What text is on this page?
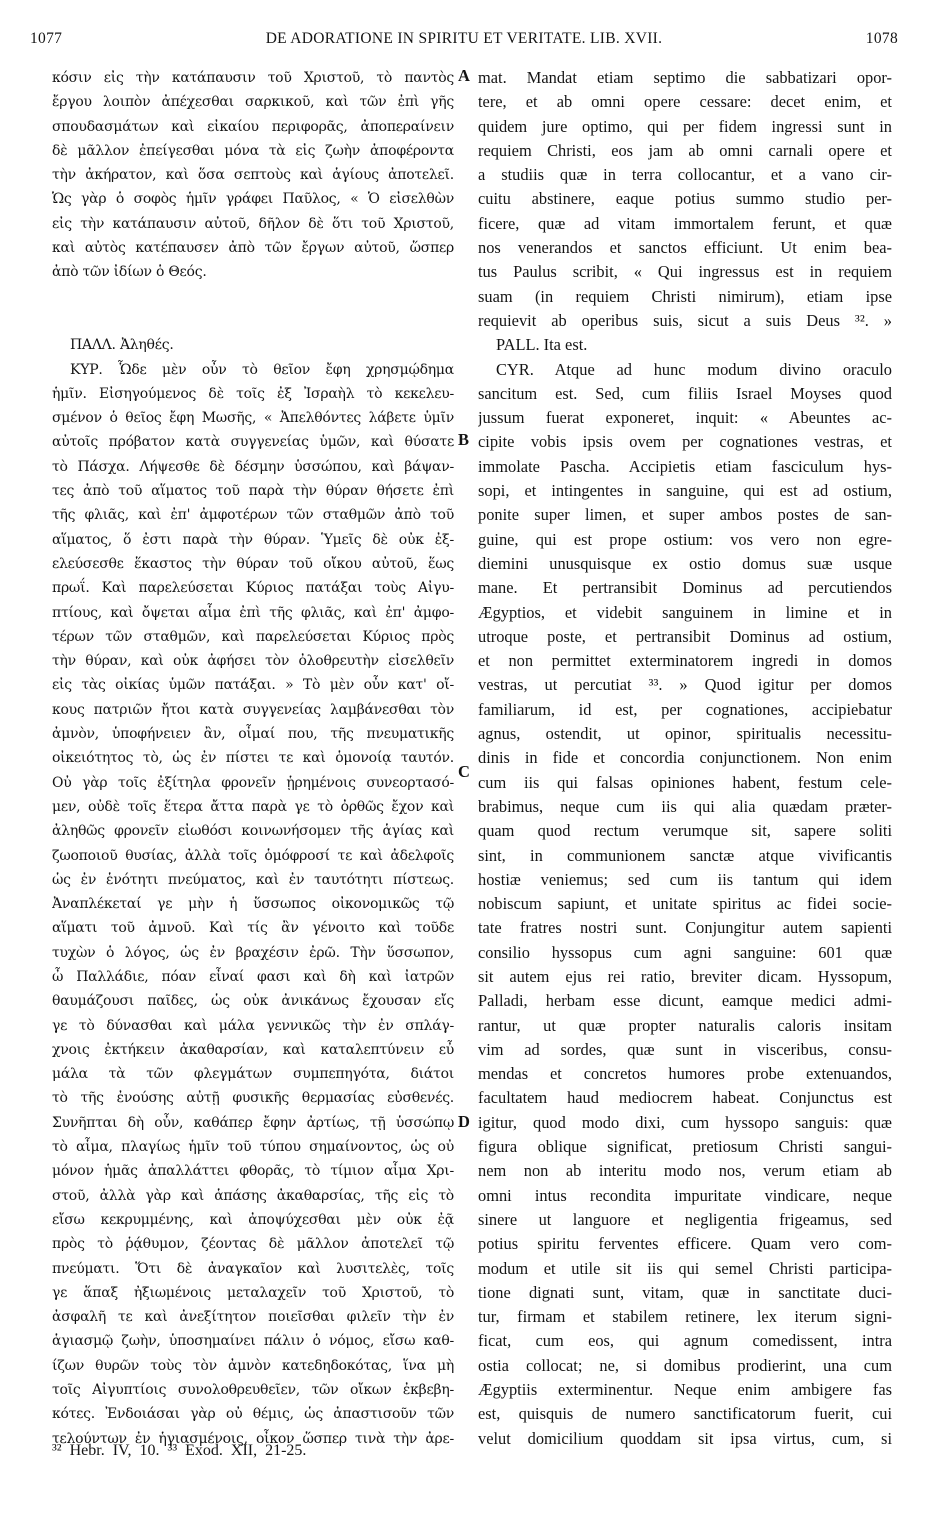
1077	DE ADORATIONE IN SPIRITU ET VERITATE. LIB. XVII.	1078
κόσιν εἰς τὴν κατάπαυσιν τοῦ Χριστοῦ, τὸ παντὸς
ἔργου λοιπὸν ἀπέχεσθαι σαρκικοῦ, καὶ τῶν ἐπὶ γῆς
σπουδασμάτων καὶ εἰκαίου περιφορᾶς, ἀποπεραίνειν
δὲ μᾶλλον ἐπείγεσθαι μόνα τὰ εἰς ζωὴν ἀποφέροντα
τὴν ἀκήρατον, καὶ ὅσα σεπτοὺς καὶ ἁγίους ἀποτελεῖ.
Ὡς γὰρ ὁ σοφὸς ἡμῖν γράφει Παῦλος, « Ὁ εἰσελθὼν
εἰς τὴν κατάπαυσιν αὐτοῦ, δῆλον δὲ ὅτι τοῦ Χριστοῦ,
καὶ αὐτὸς κατέπαυσεν ἀπὸ τῶν ἔργων αὐτοῦ, ὥσπερ
ἀπὸ τῶν ἰδίων ὁ Θεός.
ΠΑΛΛ. Ἀληθές.
ΚΥΡ. Ὧδε μὲν οὖν τὸ θεῖον ἔφη χρησμῴδημα
ἡμῖν. Εἰσηγούμενος δὲ τοῖς ἐξ Ἰσραὴλ τὸ κεκελευ-
σμένον ὁ θεῖος ἔφη Μωσῆς, « Ἀπελθόντες λάβετε ὑμῖν
αὐτοῖς πρόβατον κατὰ συγγενείας ὑμῶν, καὶ θύσατε
τὸ Πάσχα. Λήψεσθε δὲ δέσμην ὑσσώπου, καὶ βάψαν-
τες ἀπὸ τοῦ αἵματος τοῦ παρὰ τὴν θύραν θήσετε ἐπὶ
τῆς φλιᾶς, καὶ ἐπ' ἀμφοτέρων τῶν σταθμῶν ἀπὸ τοῦ
αἵματος, ὅ ἐστι παρὰ τὴν θύραν. Ὑμεῖς δὲ οὐκ ἐξ-
ελεύσεσθε ἕκαστος τὴν θύραν τοῦ οἴκου αὐτοῦ, ἕως
πρωΐ. Καὶ παρελεύσεται Κύριος πατάξαι τοὺς Αἰγυ-
πτίους, καὶ ὄψεται αἷμα ἐπὶ τῆς φλιᾶς, καὶ ἐπ' ἀμφο-
τέρων τῶν σταθμῶν, καὶ παρελεύσεται Κύριος πρὸς
τὴν θύραν, καὶ οὐκ ἀφήσει τὸν ὀλοθρευτὴν εἰσελθεῖν
εἰς τὰς οἰκίας ὑμῶν πατάξαι. » Τὸ μὲν οὖν κατ' οἴ-
κους πατριῶν ἤτοι κατὰ συγγενείας λαμβάνεσθαι τὸν
ἀμνὸν, ὑποφήνειεν ἂν, οἶμαί που, τῆς πνευματικῆς
οἰκειότητος τὸ, ὡς ἐν πίστει τε καὶ ὁμονοίᾳ ταυτόν.
Οὐ γὰρ τοῖς ἐξίτηλα φρονεῖν ᾑρημένοις συνεορτασό-
μεν, οὐδὲ τοῖς ἕτερα ἄττα παρὰ γε τὸ ὀρθῶς ἔχον καὶ
ἀληθῶς φρονεῖν εἰωθόσι κοινωνήσομεν τῆς ἁγίας καὶ
ζωοποιοῦ θυσίας, ἀλλὰ τοῖς ὁμόφροσί τε καὶ ἀδελφοῖς
ὡς ἐν ἑνότητι πνεύματος, καὶ ἐν ταυτότητι πίστεως.
Ἀναπλέκεταί γε μὴν ἡ ὕσσωπος οἰκονομικῶς τῷ
αἵματι τοῦ ἀμνοῦ. Καὶ τίς ἂν γένοιτο καὶ τοῦδε
τυχὼν ὁ λόγος, ὡς ἐν βραχέσιν ἐρῶ. Τὴν ὕσσωπον,
ὦ Παλλάδιε, πόαν εἶναί φασι καὶ δὴ καὶ ἰατρῶν
θαυμάζουσι παῖδες, ὡς οὐκ ἀνικάνως ἔχουσαν εἴς
γε τὸ δύνασθαι καὶ μάλα γεννικῶς τὴν ἐν σπλάγ-
χνοις ἐκτήκειν ἀκαθαρσίαν, καὶ καταλεπτύνειν εὖ
μάλα τὰ τῶν φλεγμάτων συμπεπηγότα, διάτοι
τὸ τῆς ἐνούσης αὐτῇ φυσικῆς θερμασίας εὐσθενές.
Συνῆπται δὴ οὖν, καθάπερ ἔφην ἀρτίως, τῇ ὑσσώπῳ
τὸ αἷμα, πλαγίως ἡμῖν τοῦ τύπου σημαίνοντος, ὡς οὐ
μόνον ἡμᾶς ἀπαλλάττει φθορᾶς, τὸ τίμιον αἷμα Χρι-
στοῦ, ἀλλὰ γὰρ καὶ ἁπάσης ἀκαθαρσίας, τῆς εἰς τὸ
εἴσω κεκρυμμένης, καὶ ἀποψύχεσθαι μὲν οὐκ ἐᾷ
πρὸς τὸ ῥᾴθυμον, ζέοντας δὲ μᾶλλον ἀποτελεῖ τῷ
πνεύματι. Ὅτι δὲ ἀναγκαῖον καὶ λυσιτελὲς, τοῖς
γε ἅπαξ ἠξιωμένοις μεταλαχεῖν τοῦ Χριστοῦ, τὸ
ἀσφαλῆ τε καὶ ἀνεξίτητον ποιεῖσθαι φιλεῖν τὴν ἐν
ἁγιασμῷ ζωὴν, ὑποσημαίνει πάλιν ὁ νόμος, εἴσω καθ-
ίζων θυρῶν τοὺς τὸν ἀμνὸν κατεδηδοκότας, ἵνα μὴ
τοῖς Αἰγυπτίοις συνολοθρευθεῖεν, τῶν οἴκων ἐκβεβη-
κότες. Ἐνδοιάσαι γὰρ οὐ θέμις, ὡς ἀπαστισοῦν τῶν
τελούντων ἐν ἡγιασμένοις, οἶκον ὥσπερ τινὰ τὴν ἀρε-
mat. Mandat etiam septimo die sabbatizari opor-
tere, et ab omni opere cessare: decet enim, et
quidem jure optimo, qui per fidem ingressi sunt in
requiem Christi, eos jam ab omni carnali opere et
a studiis quæ in terra collocantur, et a vano cir-
cuitu abstinere, eaque potius summo studio per-
ficere, quæ ad vitam immortalem ferunt, et quæ
nos venerandos et sanctos efficiunt. Ut enim bea-
tus Paulus scribit, « Qui ingressus est in requiem
suam (in requiem Christi nimirum), etiam ipse
requievit ab operibus suis, sicut a suis Deus ³². »
PALL. Ita est.
CYR. Atque ad hunc modum divino oraculo
sancitum est. Sed, cum filiis Israel Moyses quod
jussum fuerat exponeret, inquit: « Abeuntes ac-
cipite vobis ipsis ovem per cognationes vestras, et
immolate Pascha. Accipietis etiam fasciculum hys-
sopi, et intingentes in sanguine, qui est ad ostium,
ponite super limen, et super ambos postes de san-
guine, qui est prope ostium: vos vero non egre-
diemini unusquisque ex ostio domus suæ usque
mane. Et pertransibit Dominus ad percutiendos
Ægyptios, et videbit sanguinem in limine et in
utroque poste, et pertransibit Dominus ad ostium,
et non permittet exterminatorem ingredi in domos
vestras, ut percutiat ³³. » Quod igitur per domos
familiarum, id est, per cognationes, accipiebatur
agnus, ostendit, ut opinor, spiritualis necessitu-
dinis in fide et concordia conjunctionem. Non enim
cum iis qui falsas opiniones habent, festum cele-
brabimus, neque cum iis qui alia quædam præter-
quam quod rectum verumque sit, sapere soliti
sint, in communionem sanctæ atque vivificantis
hostiæ veniemus; sed cum iis tantum qui idem
nobiscum sapiunt, et unitate spiritus ac fidei socie-
tate fratres nostri sunt. Conjungitur autem sapienti
consilio hyssopus cum agni sanguine: 601 quæ
sit autem ejus rei ratio, breviter dicam. Hyssopum,
Palladi, herbam esse dicunt, eamque medici admi-
rantur, ut quæ propter naturalis caloris insitam
vim ad sordes, quæ sunt in visceribus, consu-
mendas et concretos humores probe extenuandos,
facultatem haud mediocrem habeat. Conjunctus est
igitur, quod modo dixi, cum hyssopo sanguis: quæ
figura oblique significat, pretiosum Christi sangui-
nem non ab interitu modo nos, verum etiam ab
omni intus recondita impuritate vindicare, neque
sinere ut languore et negligentia frigeamus, sed
potius spiritu ferventes efficere. Quam vero com-
modum et utile sit iis qui semel Christi participa-
tione dignati sunt, vitam, quæ in sanctitate duci-
tur, firmam et stabilem retinere, lex iterum signi-
ficat, cum eos, qui agnum comedissent, intra
ostia collocat; ne, si domibus prodierint, una cum
Ægyptiis exterminentur. Neque enim ambigere fas
est, quisquis de numero sanctificatorum fuerit, cui
velut domicilium quoddam sit ipsa virtus, cum, si
A
B
C
D
³² Hebr. IV, 10. ³³ Exod. XII, 21-25.
